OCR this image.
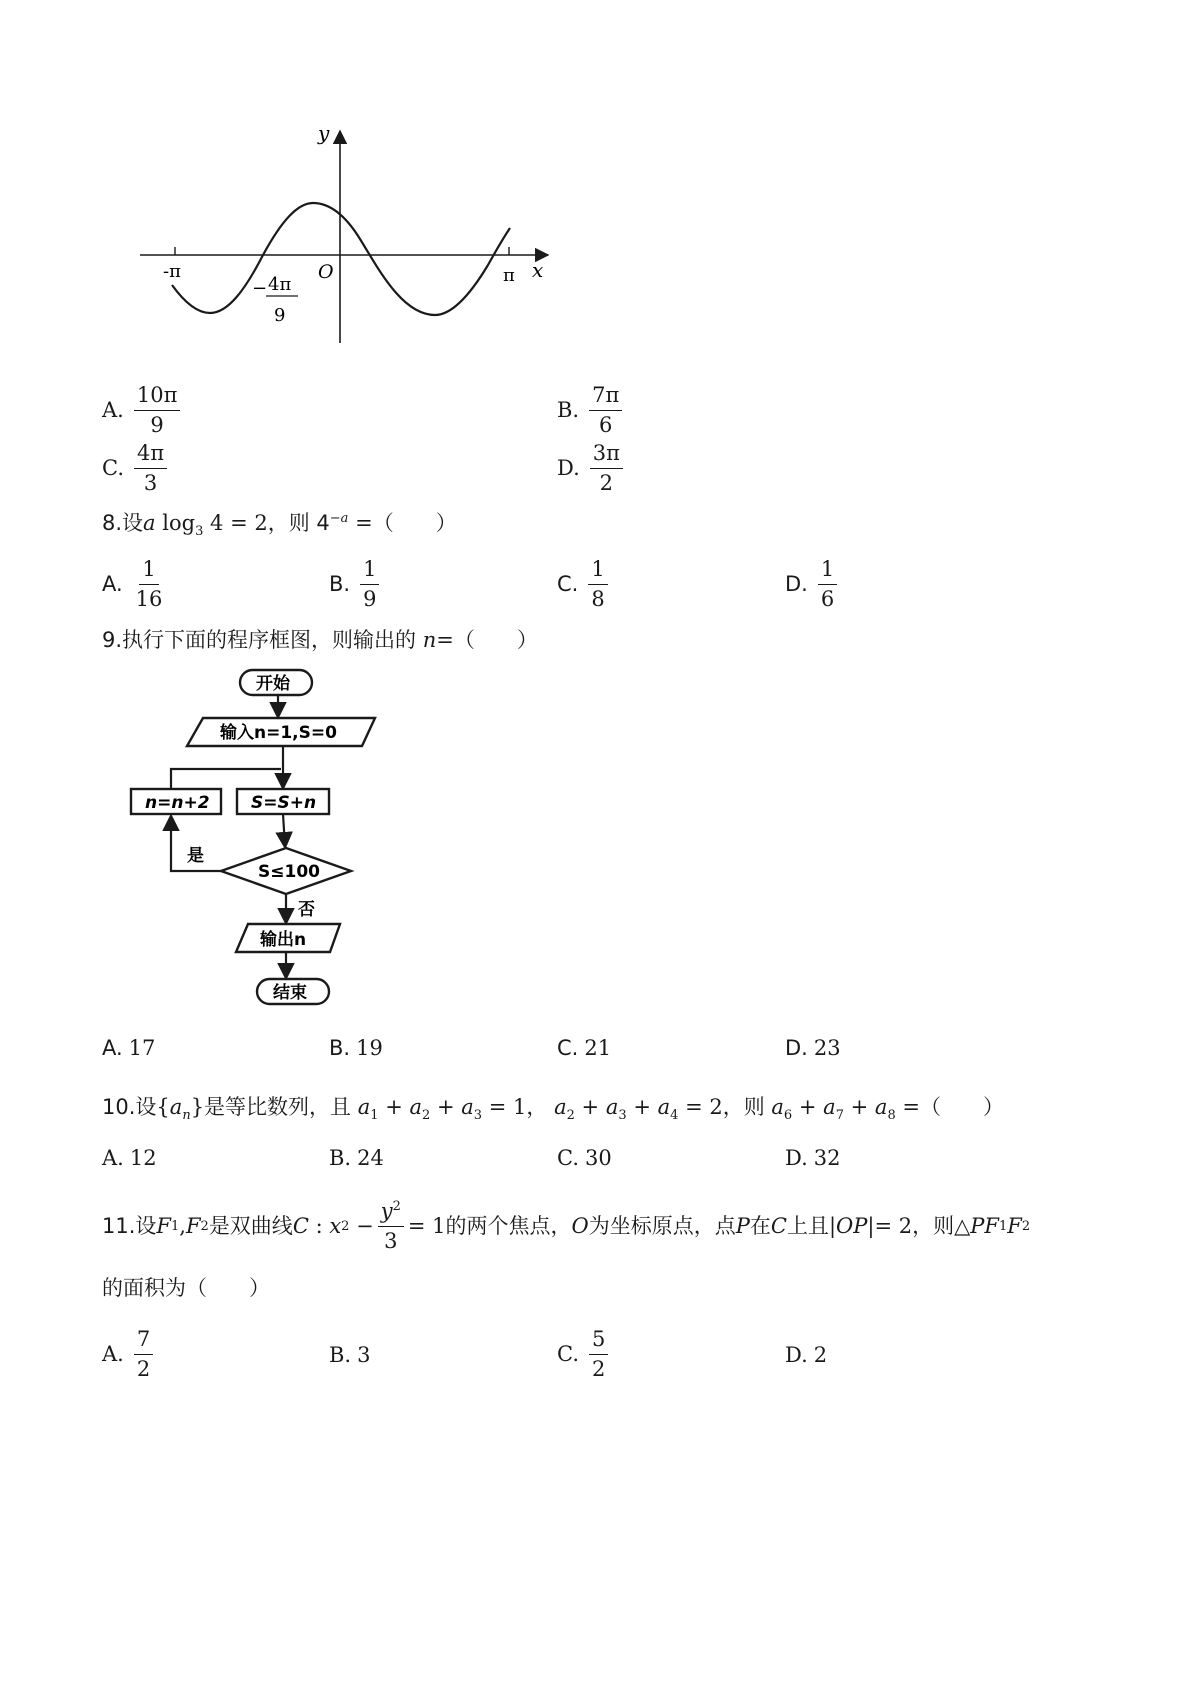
y
x
O
-π	π
− 4π
9
A. $\frac{10\pi}{9}$	B. $\frac{7\pi}{6}$
C. $\frac{4\pi}{3}$	D. $\frac{3\pi}{2}$
8.设a $\log_3 4 = 2$，则 $4^{-a}$ =（　　）
A. $\frac{1}{16}$	B. $\frac{1}{9}$	C. $\frac{1}{8}$	D. $\frac{1}{6}$
9.执行下面的程序框图，则输出的 n=（　　）
开始
输入n=1,S=0
n=n+2 S=S+n
S≤100
是
否
输出n
结束
A. 17	B. 19	C. 21	D. 23
10.设$\{a_n\}$是等比数列，且 $a_1 + a_2 + a_3 = 1$， $a_2 + a_3 + a_4 = 2$，则 $a_6 + a_7 + a_8$ =（　　）
A. 12	B. 24	C. 30	D. 32
11. 设 F 1 , F 2 是双曲线 C : x $2 - \frac{y^2}{3} = 1$ 的两个焦点， O 为坐标原点，点 P 在 C 上且 | OP |= 2 ，则 △ PF 1 F 2
的面积为（　　）
A. $\frac{7}{2}$	B. 3	C. $\frac{5}{2}$	D. 2
